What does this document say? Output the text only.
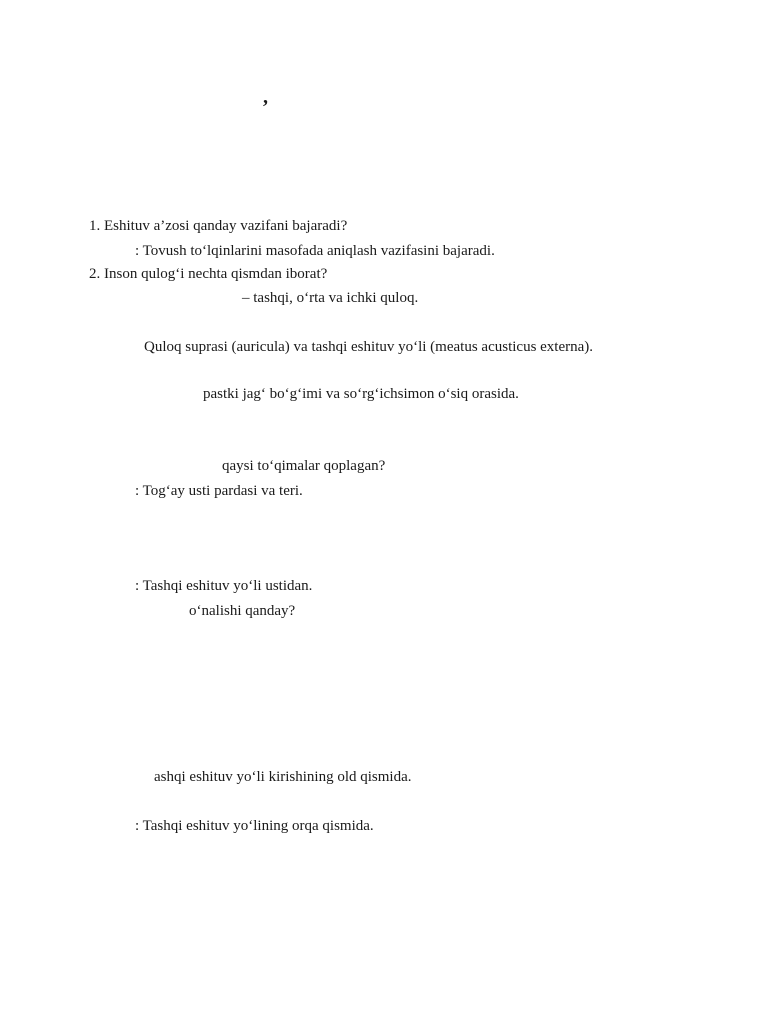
,
1. Eshituv a’zosi qanday vazifani bajaradi?
: Tovush to‘lqinlarini masofada aniqlash vazifasini bajaradi.
2. Inson qulog‘i nechta qismdan iborat?
– tashqi, o‘rta va ichki quloq.
Quloq suprasi (auricula) va tashqi eshituv yo‘li (meatus acusticus externa).
pastki jag‘ bo‘g‘imi va so‘rg‘ichsimon o‘siq orasida.
qaysi to‘qimalar qoplagan?
: Tog‘ay usti pardasi va teri.
: Tashqi eshituv yo‘li ustidan.
o‘nalishi qanday?
ashqi eshituv yo‘li kirishining old qismida.
: Tashqi eshituv yo‘lining orqa qismida.
